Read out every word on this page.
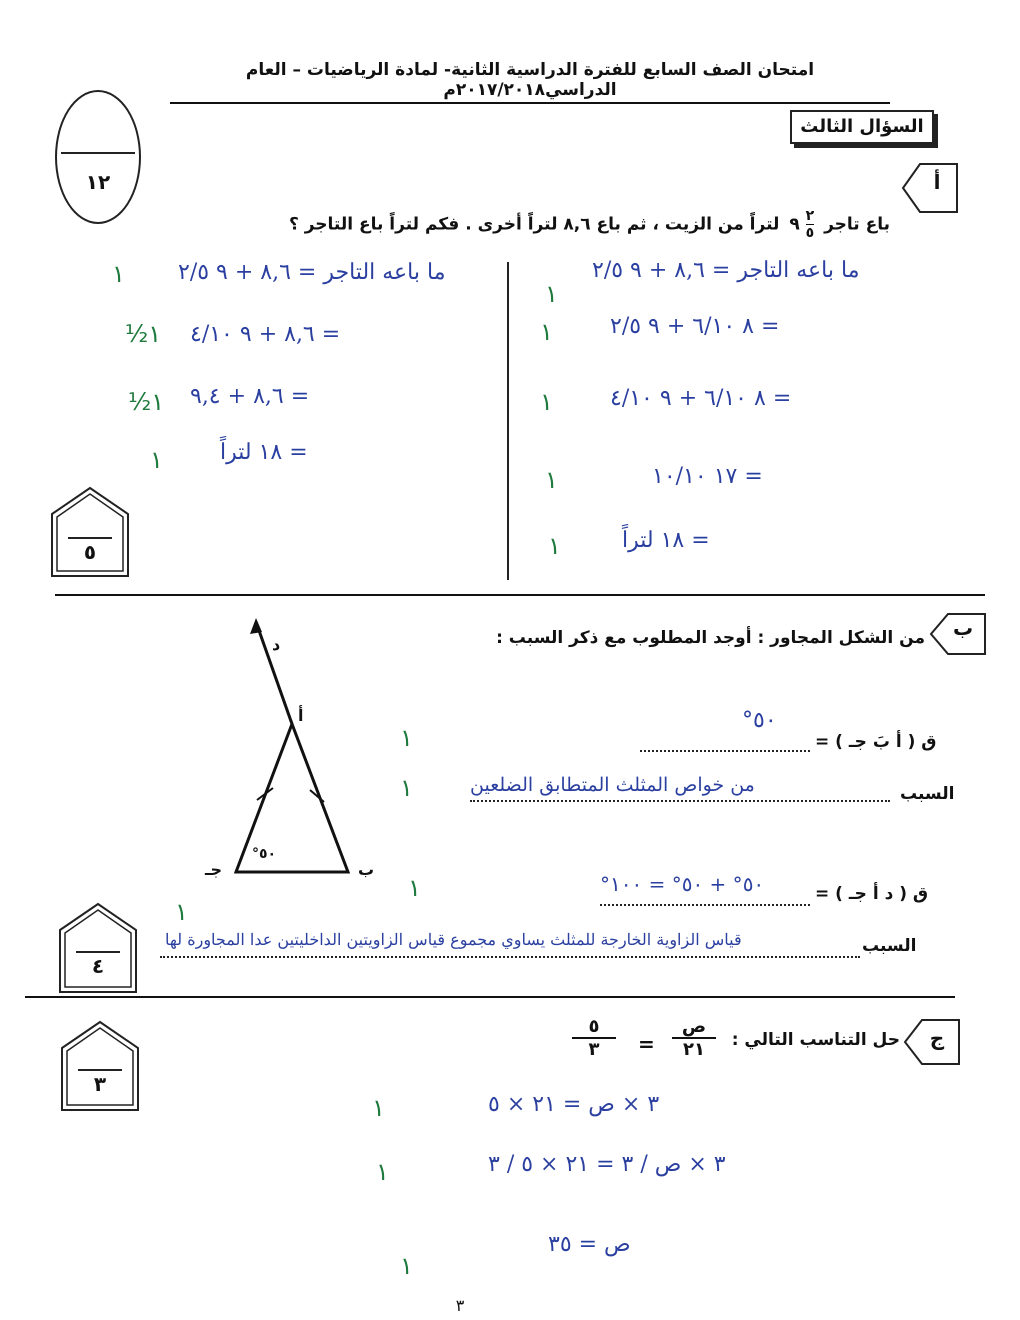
امتحان الصف السابع للفترة الدراسية الثانية- لمادة الرياضيات – العام الدراسي٢٠١٧/٢٠١٨م
١٢
السؤال الثالث
أ
باع تاجر
٢
٥
٩ لتراً من الزيت ، ثم باع ٨,٦ لتراً أخرى . فكم لتراً باع التاجر ؟
ما باعه التاجر = ٨,٦ + ٩ ٢/٥
= ٨ ٦/١٠ + ٩ ٢/٥
= ٨ ٦/١٠ + ٩ ٤/١٠
= ١٧ ١٠/١٠
= ١٨ لتراً
١
١
١
١
١
ما باعه التاجر = ٨,٦ + ٩ ٢/٥
= ٨,٦ + ٩ ٤/١٠
= ٨,٦ + ٩,٤
= ١٨ لتراً
١
١½
١½
١
٥
ب
من الشكل المجاور : أوجد المطلوب مع ذكر السبب :
د
أ
ب
جـ
٥٠°
ق ( أ بَ جـ ) =
٥٠°
السبب
من خواص المثلث المتطابق الضلعين
ق ( د أ جـ ) =
٥٠° + ٥٠° = ١٠٠°
السبب
قياس الزاوية الخارجة للمثلث يساوي مجموع قياس الزاويتين الداخليتين عدا المجاورة لها
١
١
١
١
٤
ج
حل التناسب التالي :
ص
٢١
=
٥
٣
٣
٣ × ص = ٢١ × ٥
٣ × ص / ٣ = ٢١ × ٥ / ٣
ص = ٣٥
١
١
١
٣
